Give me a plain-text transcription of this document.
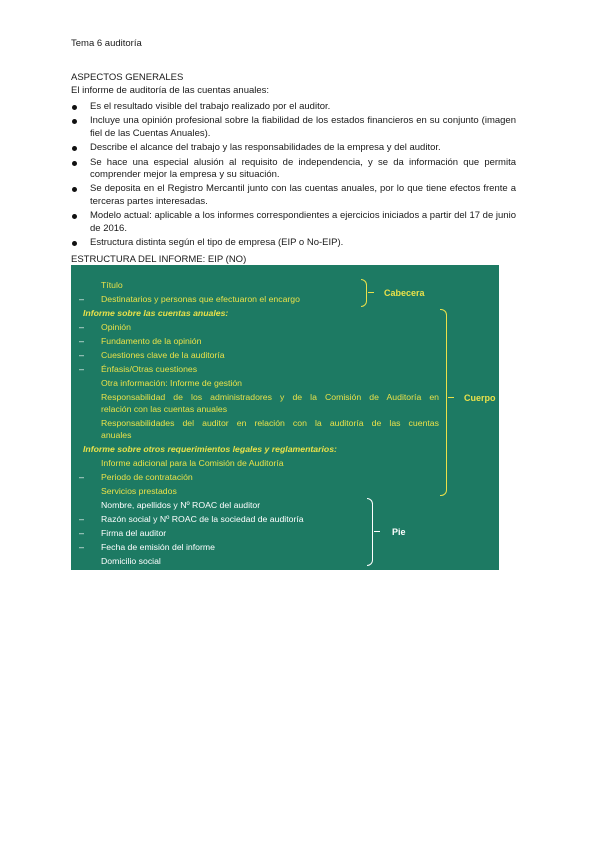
Tema 6 auditoría
ASPECTOS GENERALES
El informe de auditoría de las cuentas anuales:
Es el resultado visible del trabajo realizado por el auditor.
Incluye una opinión profesional sobre la fiabilidad de los estados financieros en su conjunto (imagen fiel de las Cuentas Anuales).
Describe el alcance del trabajo y las responsabilidades de la empresa y del auditor.
Se hace una especial alusión al requisito de independencia, y se da información que permita comprender mejor la empresa y su situación.
Se deposita en el Registro Mercantil junto con las cuentas anuales, por lo que tiene efectos frente a terceras partes interesadas.
Modelo actual: aplicable a los informes correspondientes a ejercicios iniciados a partir del 17 de junio de 2016.
Estructura distinta según el tipo de empresa (EIP o No-EIP).
ESTRUCTURA DEL INFORME: EIP (NO)
Título
– Destinatarios y personas que efectuaron el encargo
Cabecera
Informe sobre las cuentas anuales:
– Opinión
– Fundamento de la opinión
– Cuestiones clave de la auditoría
– Énfasis/Otras cuestiones
Otra información: Informe de gestión
Responsabilidad de los administradores y de la Comisión de Auditoría en
relación con las cuentas anuales
Responsabilidades del auditor en relación con la auditoría de las cuentas
anuales
Informe sobre otros requerimientos legales y reglamentarios:
Informe adicional para la Comisión de Auditoría
– Periodo de contratación
Servicios prestados
Cuerpo
Nombre, apellidos y Nº ROAC del auditor
– Razón social y Nº ROAC de la sociedad de auditoría
– Firma del auditor
– Fecha de emisión del informe
Domicilio social
Pie
